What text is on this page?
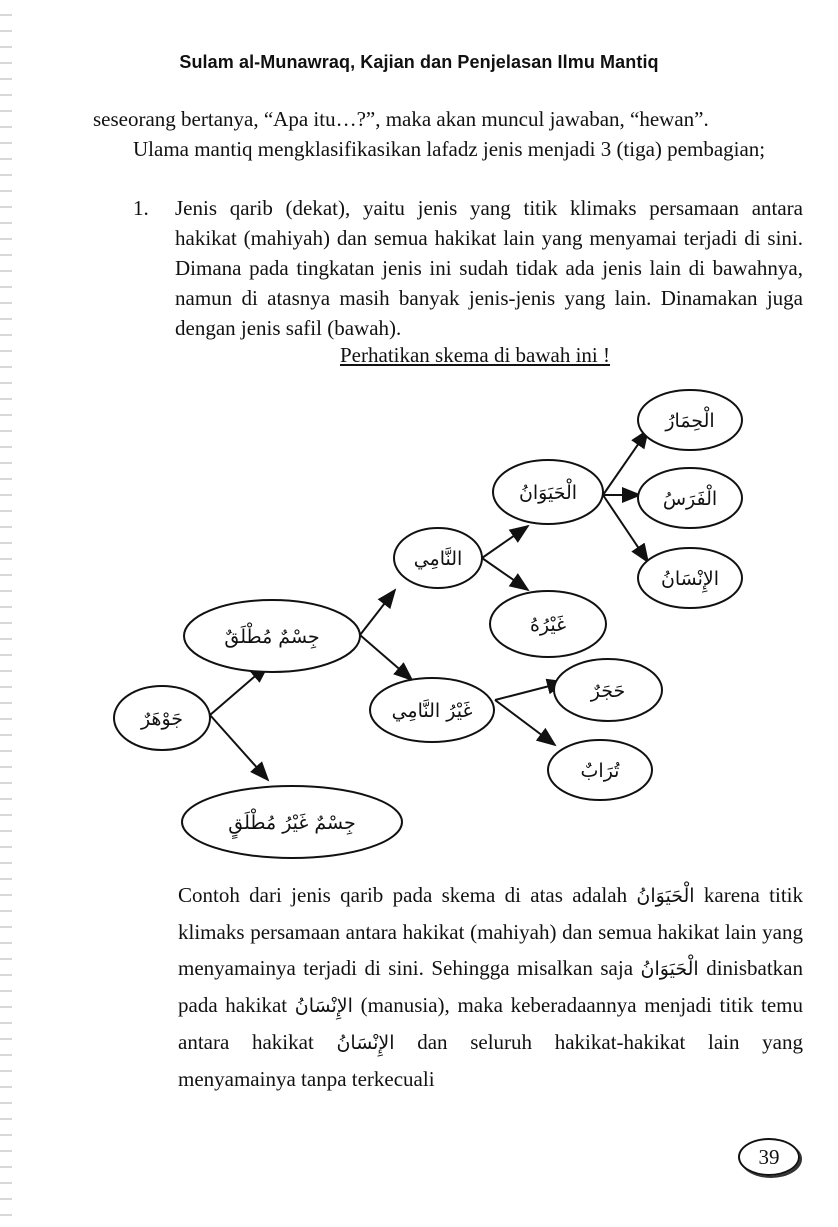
Sulam al-Munawraq, Kajian dan Penjelasan Ilmu Mantiq
seseorang bertanya, “Apa itu…?”, maka akan muncul jawaban, “hewan”.
Ulama mantiq mengklasifikasikan lafadz jenis menjadi 3 (tiga) pembagian;
1. Jenis qarib (dekat), yaitu jenis yang titik klimaks persamaan antara hakikat (mahiyah) dan semua hakikat lain yang menyamai terjadi di sini. Dimana pada tingkatan jenis ini sudah tidak ada jenis lain di bawahnya, namun di atasnya masih banyak jenis-jenis yang lain. Dinamakan juga dengan jenis safil (bawah).
Perhatikan skema di bawah ini !
جَوْهَرٌ
جِسْمٌ مُطْلَقٌ
جِسْمٌ غَيْرُ مُطْلَقٍ
النَّامِي
غَيْرُ النَّامِي
الْحَيَوَانُ
غَيْرُهُ
حَجَرٌ
تُرَابٌ
الْحِمَارُ
الْفَرَسُ
الإِنْسَانُ
Contoh dari jenis qarib pada skema di atas adalah الْحَيَوَانُ karena titik klimaks persamaan antara hakikat (mahiyah) dan semua hakikat lain yang menyamainya terjadi di sini. Sehingga misalkan saja الْحَيَوَانُ dinisbatkan pada hakikat الإِنْسَانُ (manusia), maka keberadaannya menjadi titik temu antara hakikat الإِنْسَانُ dan seluruh hakikat-hakikat lain yang menyamainya tanpa terkecuali
39
